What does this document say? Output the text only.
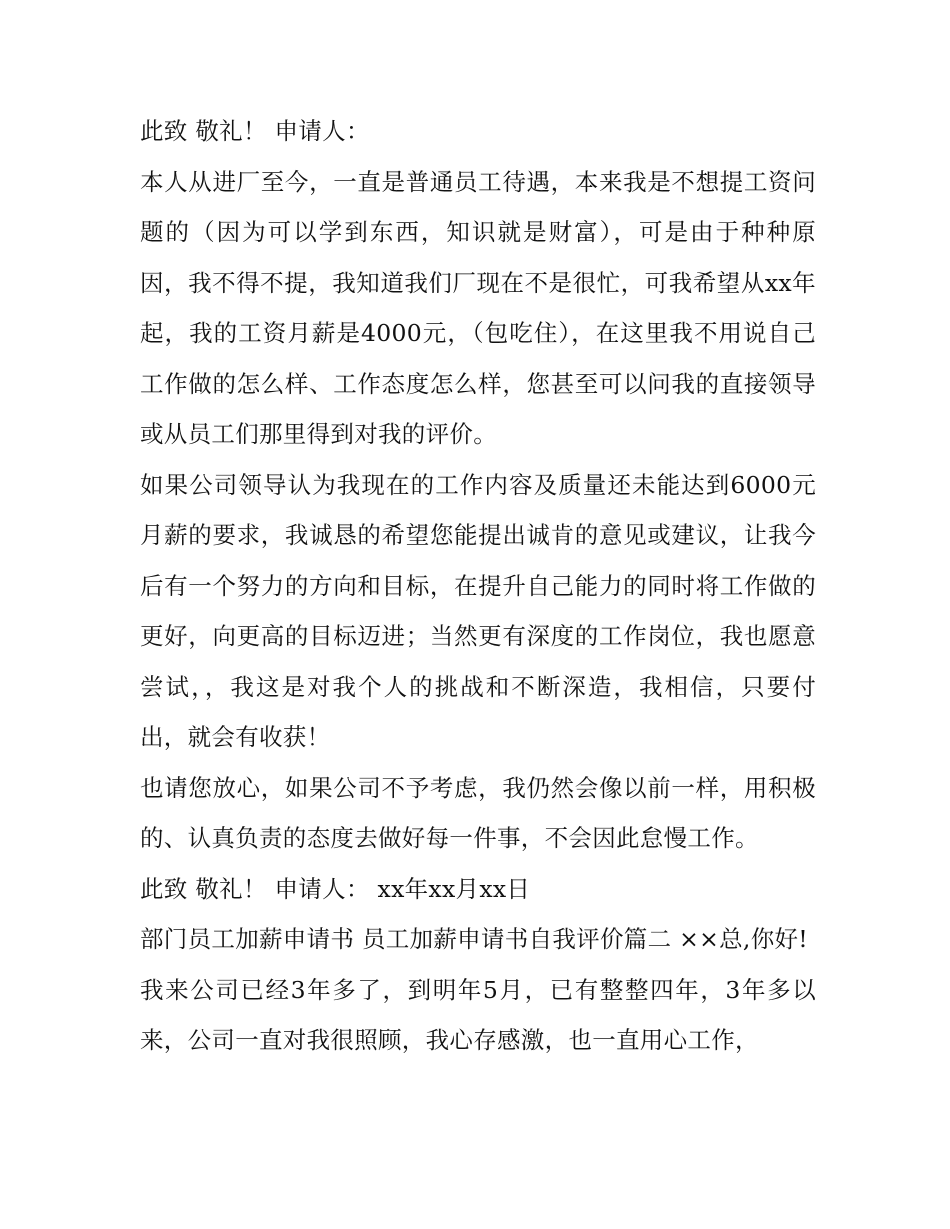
此致 敬礼！ 申请人：

本人从进厂至今，一直是普通员工待遇，本来我是不想提工资问题的（因为可以学到东西，知识就是财富），可是由于种种原因，我不得不提，我知道我们厂现在不是很忙，可我希望从xx年起，我的工资月薪是4000元，（包吃住），在这里我不用说自己工作做的怎么样、工作态度怎么样，您甚至可以问我的直接领导或从员工们那里得到对我的评价。

如果公司领导认为我现在的工作内容及质量还未能达到6000元月薪的要求，我诚恳的希望您能提出诚肯的意见或建议，让我今后有一个努力的方向和目标，在提升自己能力的同时将工作做的更好，向更高的目标迈进；当然更有深度的工作岗位，我也愿意尝试，，我这是对我个人的挑战和不断深造，我相信，只要付出，就会有收获！

也请您放心，如果公司不予考虑，我仍然会像以前一样，用积极的、认真负责的态度去做好每一件事，不会因此怠慢工作。

此致 敬礼！ 申请人： xx年xx月xx日

部门员工加薪申请书 员工加薪申请书自我评价篇二 ××总,你好!

我来公司已经3年多了，到明年5月，已有整整四年，3年多以来，公司一直对我很照顾，我心存感激，也一直用心工作，
